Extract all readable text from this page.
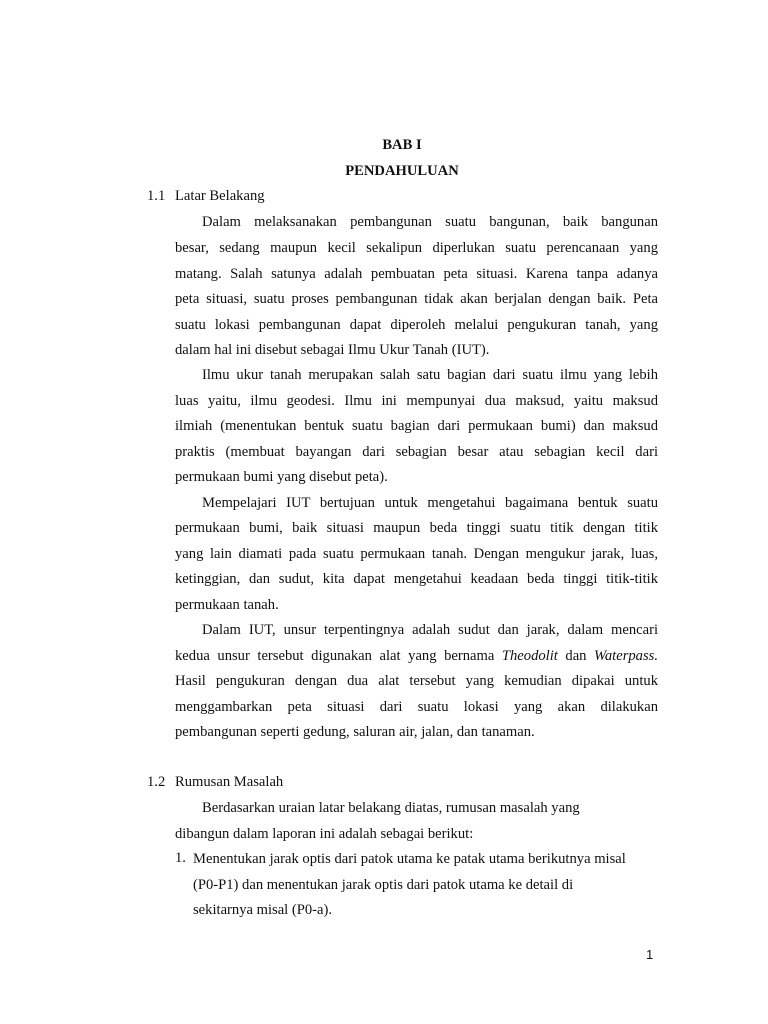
BAB I
PENDAHULUAN
1.1 Latar Belakang
Dalam melaksanakan pembangunan suatu bangunan, baik bangunan
besar, sedang maupun kecil sekalipun diperlukan suatu perencanaan yang
matang. Salah satunya adalah pembuatan peta situasi. Karena tanpa adanya
peta situasi, suatu proses pembangunan tidak akan berjalan dengan baik. Peta
suatu lokasi pembangunan dapat diperoleh melalui pengukuran tanah, yang
dalam hal ini disebut sebagai Ilmu Ukur Tanah (IUT).
Ilmu ukur tanah merupakan salah satu bagian dari suatu ilmu yang lebih
luas yaitu, ilmu geodesi. Ilmu ini mempunyai dua maksud, yaitu maksud
ilmiah (menentukan bentuk suatu bagian dari permukaan bumi) dan maksud
praktis (membuat bayangan dari sebagian besar atau sebagian kecil dari
permukaan bumi yang disebut peta).
Mempelajari IUT bertujuan untuk mengetahui bagaimana bentuk suatu
permukaan bumi, baik situasi maupun beda tinggi suatu titik dengan titik
yang lain diamati pada suatu permukaan tanah. Dengan mengukur jarak, luas,
ketinggian, dan sudut, kita dapat mengetahui keadaan beda tinggi titik-titik
permukaan tanah.
Dalam IUT, unsur terpentingnya adalah sudut dan jarak, dalam mencari
kedua unsur tersebut digunakan alat yang bernama Theodolit dan Waterpass.
Hasil pengukuran dengan dua alat tersebut yang kemudian dipakai untuk
menggambarkan peta situasi dari suatu lokasi yang akan dilakukan
pembangunan seperti gedung, saluran air, jalan, dan tanaman.
1.2 Rumusan Masalah
Berdasarkan uraian latar belakang diatas, rumusan masalah yang
dibangun dalam laporan ini adalah sebagai berikut:
1. Menentukan jarak optis dari patok utama ke patak utama berikutnya misal
(P0-P1) dan menentukan jarak optis dari patok utama ke detail di
sekitarnya misal (P0-a).
1
